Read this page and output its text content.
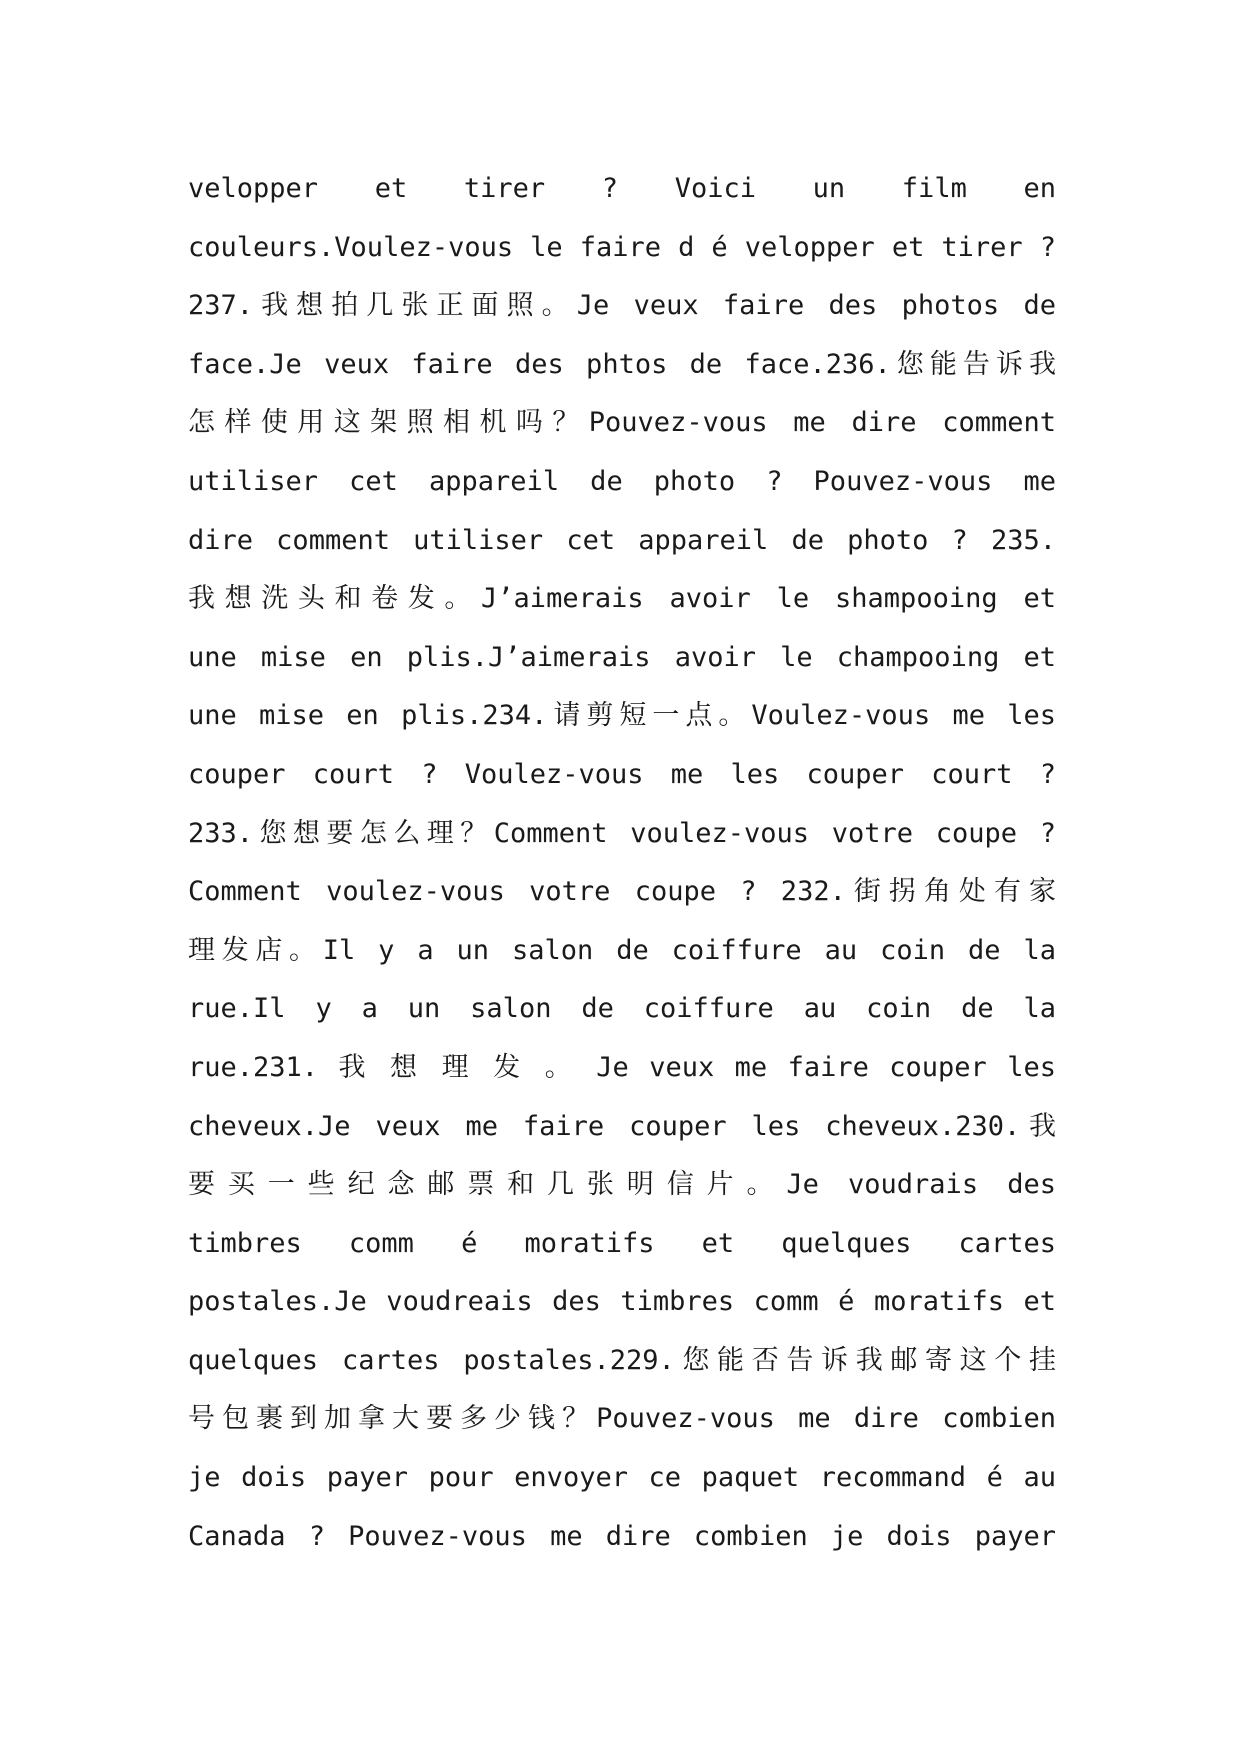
velopper et tirer ? Voici un film en
couleurs.Voulez-vous le faire d é velopper et tirer ?
237.我想拍几张正面照。Je veux faire des photos de
face.Je veux faire des phtos de face.236.您能告诉我
怎样使用这架照相机吗？Pouvez-vous me dire comment
utiliser cet appareil de photo ? Pouvez-vous me
dire comment utiliser cet appareil de photo ? 235.
我想洗头和卷发。J’aimerais avoir le shampooing et
une mise en plis.J’aimerais avoir le champooing et
une mise en plis.234.请剪短一点。Voulez-vous me les
couper court ? Voulez-vous me les couper court ?
233.您想要怎么理？Comment voulez-vous votre coupe ?
Comment voulez-vous votre coupe ? 232.街拐角处有家
理发店。Il y a un salon de coiffure au coin de la
rue.Il y a un salon de coiffure au coin de la
rue.231. 我 想 理 发 。 Je veux me faire couper les
cheveux.Je veux me faire couper les cheveux.230.我
要买一些纪念邮票和几张明信片。Je voudrais des
timbres comm é moratifs et quelques cartes
postales.Je voudreais des timbres comm é moratifs et
quelques cartes postales.229.您能否告诉我邮寄这个挂
号包裹到加拿大要多少钱？Pouvez-vous me dire combien
je dois payer pour envoyer ce paquet recommand é au
Canada ? Pouvez-vous me dire combien je dois payer
